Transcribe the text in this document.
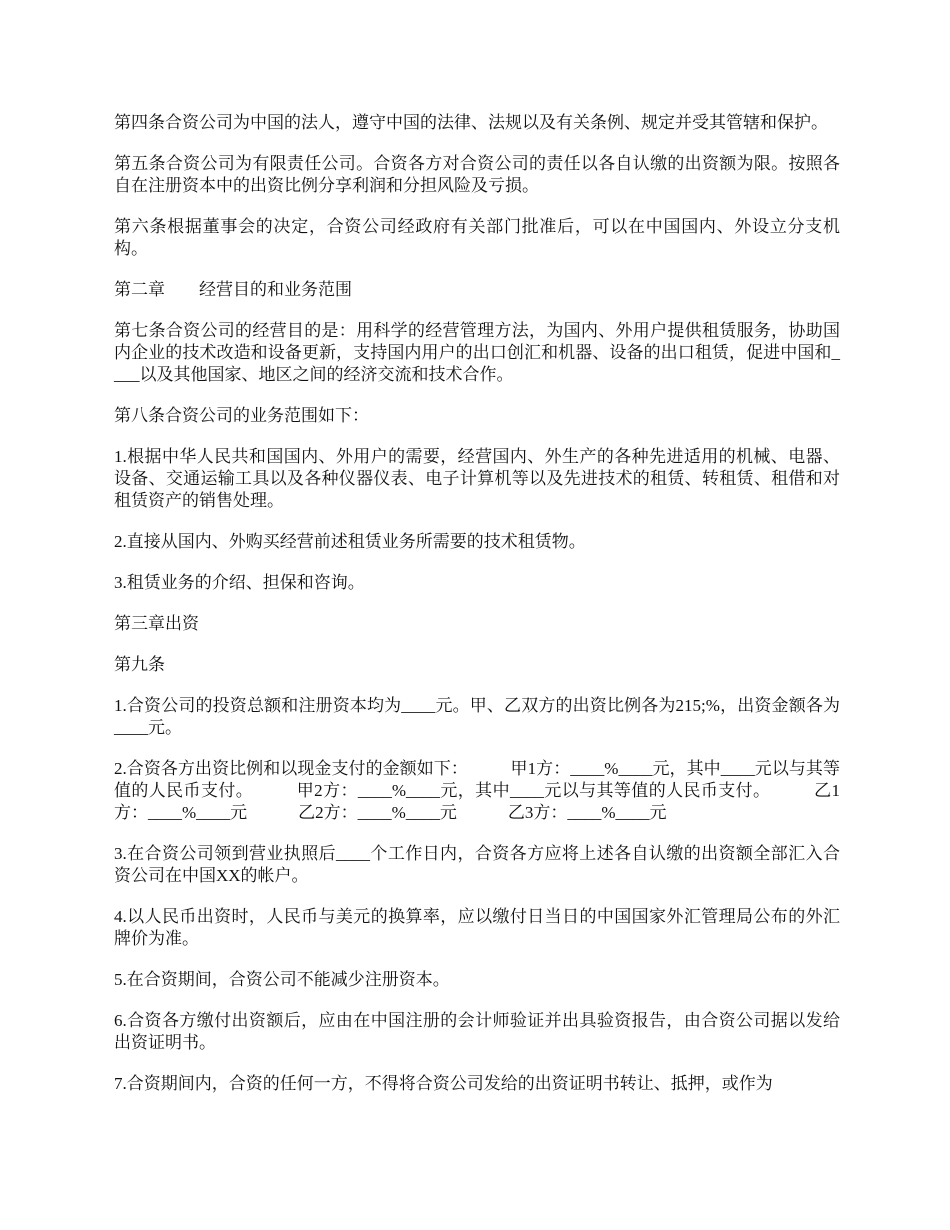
第四条合资公司为中国的法人，遵守中国的法律、法规以及有关条例、规定并受其管辖和保护。

第五条合资公司为有限责任公司。合资各方对合资公司的责任以各自认缴的出资额为限。按照各自在注册资本中的出资比例分享利润和分担风险及亏损。

第六条根据董事会的决定，合资公司经政府有关部门批准后，可以在中国国内、外设立分支机构。

第二章　　经营目的和业务范围

第七条合资公司的经营目的是：用科学的经营管理方法，为国内、外用户提供租赁服务，协助国内企业的技术改造和设备更新，支持国内用户的出口创汇和机器、设备的出口租赁，促进中国和____以及其他国家、地区之间的经济交流和技术合作。

第八条合资公司的业务范围如下：

1.根据中华人民共和国国内、外用户的需要，经营国内、外生产的各种先进适用的机械、电器、设备、交通运输工具以及各种仪器仪表、电子计算机等以及先进技术的租赁、转租赁、租借和对租赁资产的销售处理。

2.直接从国内、外购买经营前述租赁业务所需要的技术租赁物。

3.租赁业务的介绍、担保和咨询。

第三章出资

第九条

1.合资公司的投资总额和注册资本均为____元。甲、乙双方的出资比例各为215;%，出资金额各为____元。

2.合资各方出资比例和以现金支付的金额如下：　　　甲1方：____%____元，其中____元以与其等值的人民币支付。　　　甲2方：____%____元，其中____元以与其等值的人民币支付。　　　乙1方：____%____元　　　乙2方：____%____元　　　乙3方：____%____元

3.在合资公司领到营业执照后____个工作日内，合资各方应将上述各自认缴的出资额全部汇入合资公司在中国XX的帐户。

4.以人民币出资时，人民币与美元的换算率，应以缴付日当日的中国国家外汇管理局公布的外汇牌价为准。

5.在合资期间，合资公司不能减少注册资本。

6.合资各方缴付出资额后，应由在中国注册的会计师验证并出具验资报告，由合资公司据以发给出资证明书。

7.合资期间内，合资的任何一方，不得将合资公司发给的出资证明书转让、抵押，或作为
